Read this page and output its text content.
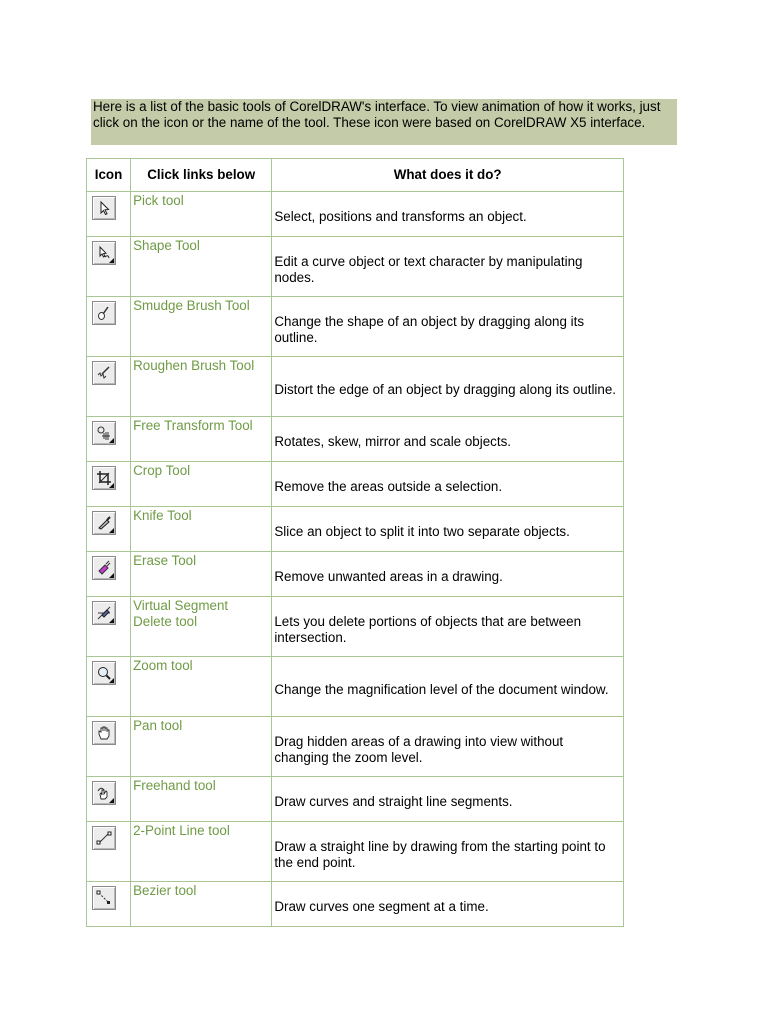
Here is a list of the basic tools of CorelDRAW's interface. To view animation of how it works, just click on the icon or the name of the tool. These icon were based on CorelDRAW X5 interface.
Icon	Click links below	What does it do?

	Pick tool	Select, positions and transforms an object.

	Shape Tool	Edit a curve object or text character by manipulating nodes.

	Smudge Brush Tool	Change the shape of an object by dragging along its outline.

	Roughen Brush Tool	Distort the edge of an object by dragging along its outline.

	Free Transform Tool	Rotates, skew, mirror and scale objects.

	Crop Tool	Remove the areas outside a selection.

	Knife Tool	Slice an object to split it into two separate objects.

	Erase Tool	Remove unwanted areas in a drawing.

	Virtual Segment Delete tool	Lets you delete portions of objects that are between intersection.

	Zoom tool	Change the magnification level of the document window.

	Pan tool	Drag hidden areas of a drawing into view without changing the zoom level.

	Freehand tool	Draw curves and straight line segments.

	2-Point Line tool	Draw a straight line by drawing from the starting point to the end point.

	Bezier tool	Draw curves one segment at a time.
